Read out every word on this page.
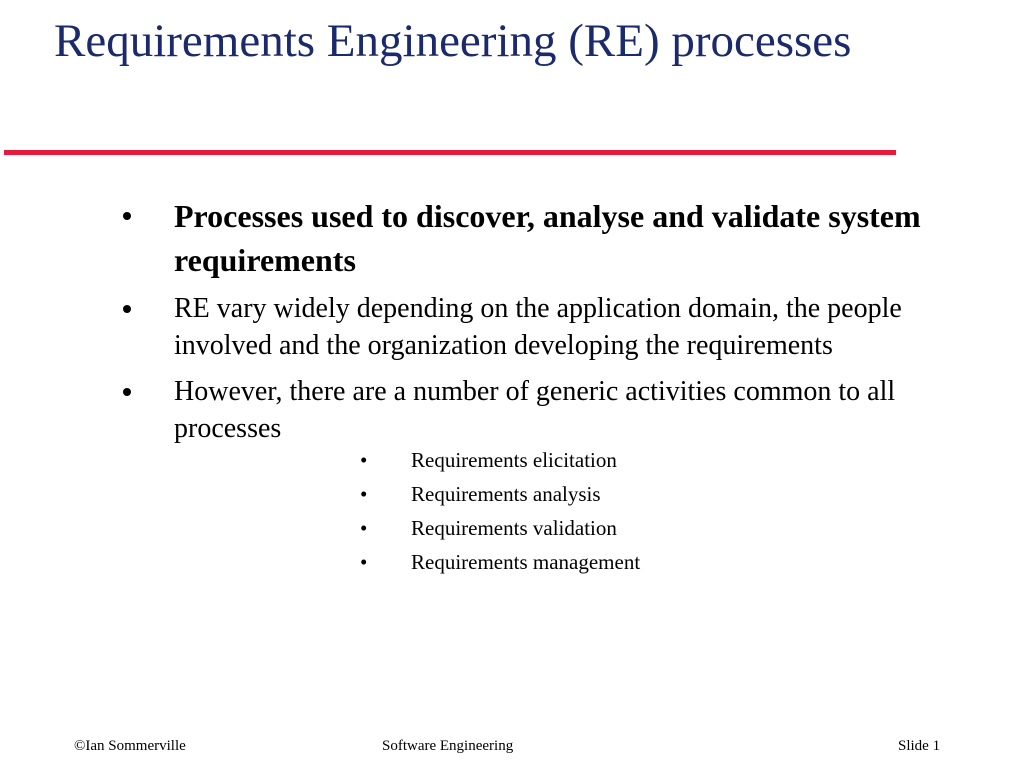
Requirements Engineering (RE) processes
Processes used to discover, analyse and validate system requirements
RE vary widely depending on the application domain, the people involved and the organization developing the requirements
However, there are a number of generic activities common to all processes
• Requirements elicitation
• Requirements analysis
• Requirements validation
• Requirements management
©Ian Sommerville	Software Engineering	Slide 1
